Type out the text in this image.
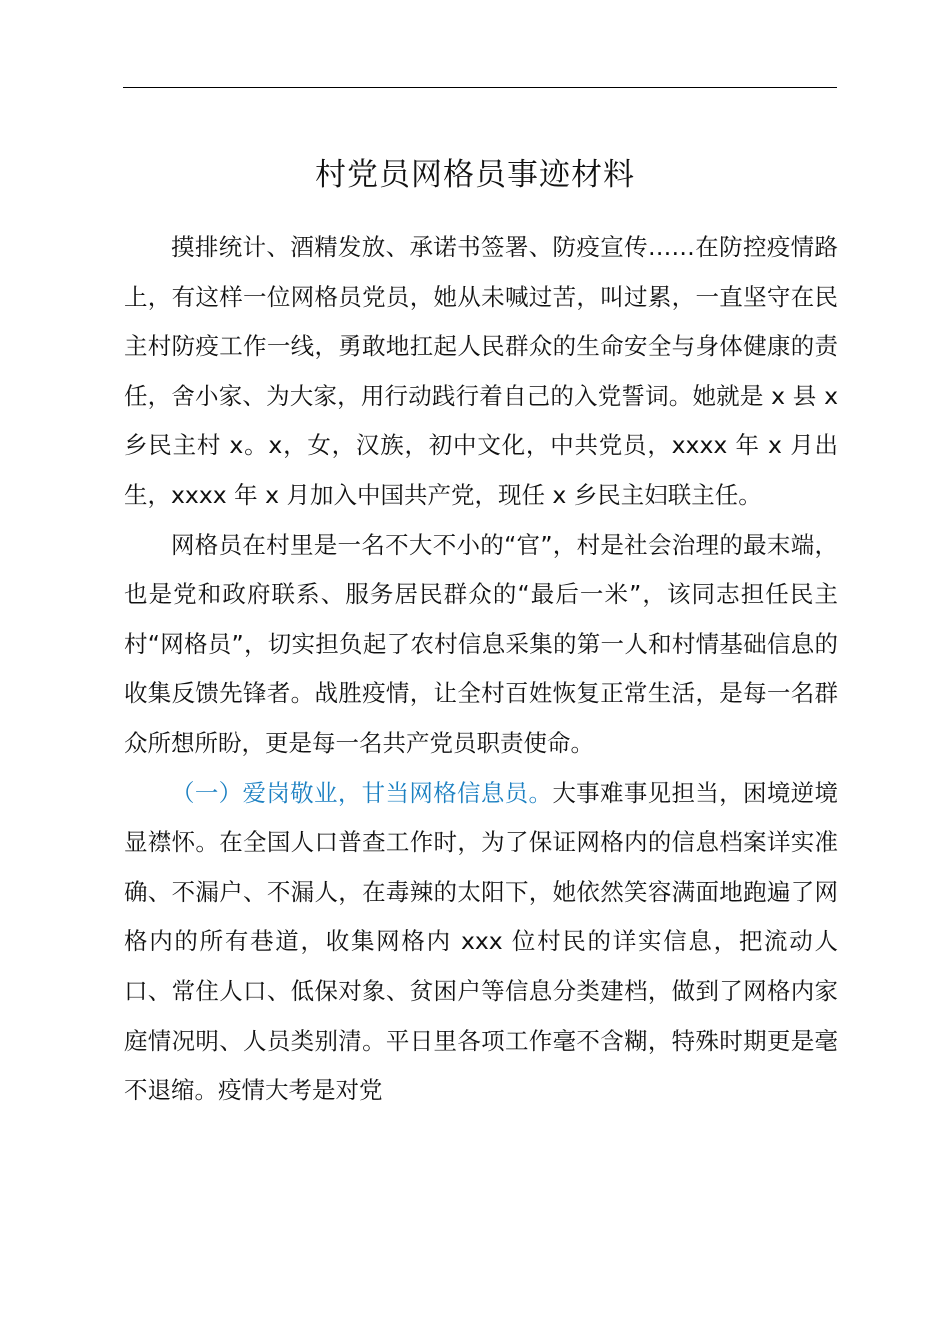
村党员网格员事迹材料

摸排统计、酒精发放、承诺书签署、防疫宣传……在防控疫情路上，有这样一位网格员党员，她从未喊过苦，叫过累，一直坚守在民主村防疫工作一线，勇敢地扛起人民群众的生命安全与身体健康的责任，舍小家、为大家，用行动践行着自己的入党誓词。她就是 x 县 x 乡民主村 x。x，女，汉族，初中文化，中共党员，xxxx 年 x 月出生，xxxx 年 x 月加入中国共产党，现任 x 乡民主妇联主任。

网格员在村里是一名不大不小的“官”，村是社会治理的最末端，也是党和政府联系、服务居民群众的“最后一米”，该同志担任民主村“网格员”，切实担负起了农村信息采集的第一人和村情基础信息的收集反馈先锋者。战胜疫情，让全村百姓恢复正常生活，是每一名群众所想所盼，更是每一名共产党员职责使命。

（一）爱岗敬业，甘当网格信息员。大事难事见担当，困境逆境显襟怀。在全国人口普查工作时，为了保证网格内的信息档案详实准确、不漏户、不漏人，在毒辣的太阳下，她依然笑容满面地跑遍了网格内的所有巷道，收集网格内 xxx 位村民的详实信息，把流动人口、常住人口、低保对象、贫困户等信息分类建档，做到了网格内家庭情况明、人员类别清。平日里各项工作毫不含糊，特殊时期更是毫不退缩。疫情大考是对党
